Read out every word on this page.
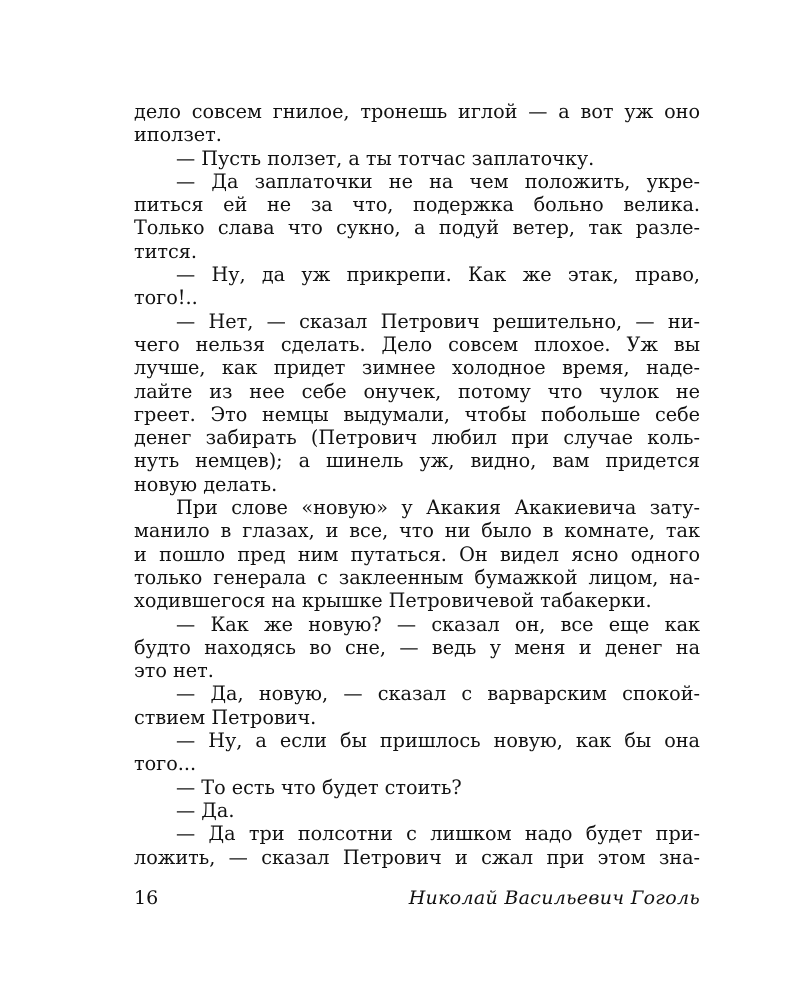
дело совсем гнилое, тронешь иглой — а вот уж оно
иползет.
— Пусть ползет, а ты тотчас заплаточку.
— Да заплаточки не на чем положить, укре-
питься ей не за что, подержка больно велика.
Только слава что сукно, а подуй ветер, так разле-
тится.
— Ну, да уж прикрепи. Как же этак, право,
того!..
— Нет, — сказал Петрович решительно, — ни-
чего нельзя сделать. Дело совсем плохое. Уж вы
лучше, как придет зимнее холодное время, наде-
лайте из нее себе онучек, потому что чулок не
греет. Это немцы выдумали, чтобы побольше себе
денег забирать (Петрович любил при случае коль-
нуть немцев); а шинель уж, видно, вам придется
новую делать.
При слове «новую» у Акакия Акакиевича зату-
манило в глазах, и все, что ни было в комнате, так
и пошло пред ним путаться. Он видел ясно одного
только генерала с заклеенным бумажкой лицом, на-
ходившегося на крышке Петровичевой табакерки.
— Как же новую? — сказал он, все еще как
будто находясь во сне, — ведь у меня и денег на
это нет.
— Да, новую, — сказал с варварским спокой-
ствием Петрович.
— Ну, а если бы пришлось новую, как бы она
того...
— То есть что будет стоить?
— Да.
— Да три полсотни с лишком надо будет при-
ложить, — сказал Петрович и сжал при этом зна-
16	Николай Васильевич Гоголь
